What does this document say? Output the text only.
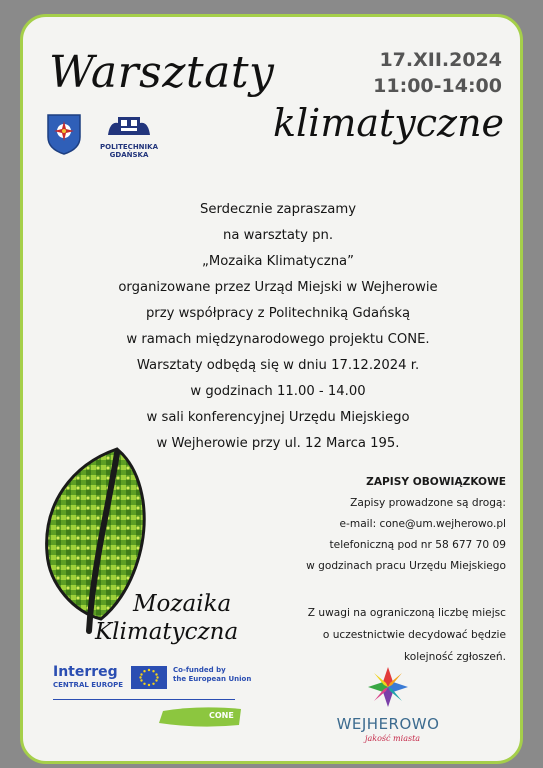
Warsztaty
klimatyczne
17.XII.2024
11:00-14:00
POLITECHNIKA
GDAŃSKA
Serdecznie zapraszamy
na warsztaty pn.
„Mozaika Klimatyczna”
organizowane przez Urząd Miejski w Wejherowie
przy współpracy z Politechniką Gdańską
w ramach międzynarodowego projektu CONE.
Warsztaty odbędą się w dniu 17.12.2024 r.
w godzinach 11.00 - 14.00
w sali konferencyjnej Urzędu Miejskiego
w Wejherowie przy ul. 12 Marca 195.
ZAPISY OBOWIĄZKOWE
Zapisy prowadzone są drogą:
e-mail: cone@um.wejherowo.pl
telefoniczną pod nr 58 677 70 09
w godzinach pracu Urzędu Miejskiego
Z uwagi na ograniczoną liczbę miejsc
o uczestnictwie decydować będzie
kolejność zgłoszeń.
Mozaika
Klimatyczna
Interreg
CENTRAL EUROPE
Co-funded by
the European Union
CONE	WEJHEROWO
jakość miasta
